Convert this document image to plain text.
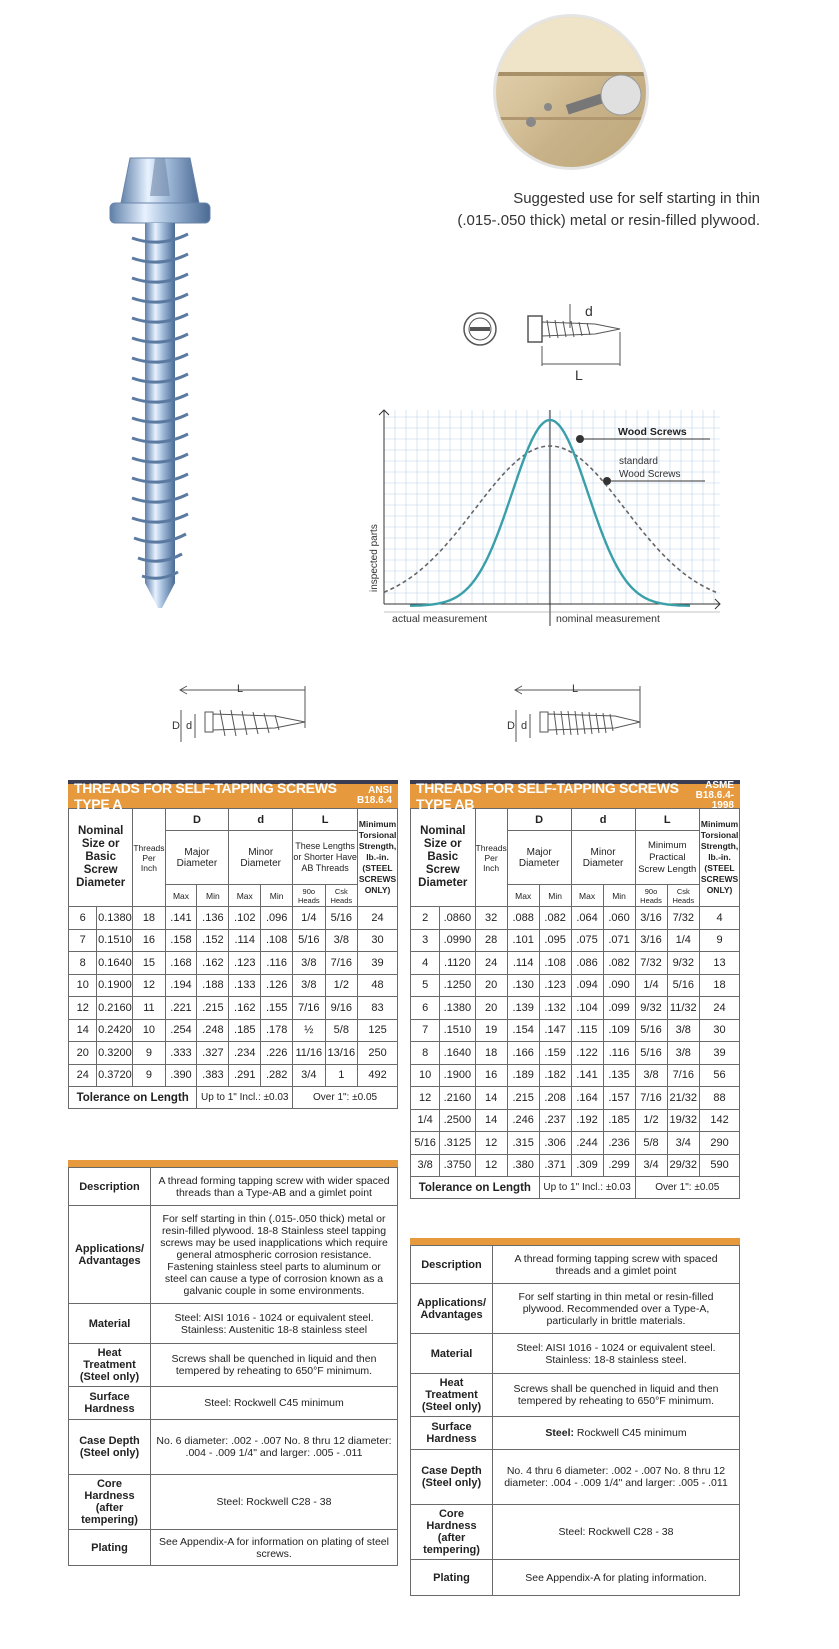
Suggested use for self starting in thin
(.015-.050 thick) metal or resin-filled plywood.
d
L
Wood Screws
standard
Wood Screws
inspected parts
actual measurement	nominal measurement
L
D d
L
D d
THREADS FOR SELF-TAPPING SCREWS TYPE A
ANSI B18.6.4
Nominal Size or Basic Screw Diameter		Threads Per Inch	D		d		L		Minimum Torsional Strength, lb.-in. (STEEL SCREWS ONLY)
			Major Diameter		Minor Diameter		These Lengths or Shorter Have AB Threads		
			Max	Min	Max	Min	90o Heads	Csk Heads	
6	0.1380	18	.141	.136	.102	.096	1/4	5/16	24
7	0.1510	16	.158	.152	.114	.108	5/16	3/8	30
8	0.1640	15	.168	.162	.123	.116	3/8	7/16	39
10	0.1900	12	.194	.188	.133	.126	3/8	1/2	48
12	0.2160	11	.221	.215	.162	.155	7/16	9/16	83
14	0.2420	10	.254	.248	.185	.178	½	5/8	125
20	0.3200	9	.333	.327	.234	.226	11/16	13/16	250
24	0.3720	9	.390	.383	.291	.282	3/4	1	492
Tolerance on Length				Up to 1" Incl.: ±0.03			Over 1": ±0.05		
THREADS FOR SELF-TAPPING SCREWS TYPE AB
ASME
B18.6.4-1998
Nominal Size or Basic Screw Diameter		Threads Per Inch	D		d		L		Minimum Torsional Strength, lb.-in. (STEEL SCREWS ONLY)
			Major Diameter		Minor Diameter		Minimum Practical Screw Length		
			Max	Min	Max	Min	90o Heads	Csk Heads	
2	.0860	32	.088	.082	.064	.060	3/16	7/32	4
3	.0990	28	.101	.095	.075	.071	3/16	1/4	9
4	.1120	24	.114	.108	.086	.082	7/32	9/32	13
5	.1250	20	.130	.123	.094	.090	1/4	5/16	18
6	.1380	20	.139	.132	.104	.099	9/32	11/32	24
7	.1510	19	.154	.147	.115	.109	5/16	3/8	30
8	.1640	18	.166	.159	.122	.116	5/16	3/8	39
10	.1900	16	.189	.182	.141	.135	3/8	7/16	56
12	.2160	14	.215	.208	.164	.157	7/16	21/32	88
1/4	.2500	14	.246	.237	.192	.185	1/2	19/32	142
5/16	.3125	12	.315	.306	.244	.236	5/8	3/4	290
3/8	.3750	12	.380	.371	.309	.299	3/4	29/32	590
Tolerance on Length				Up to 1" Incl.: ±0.03			Over 1": ±0.05		
Description	A thread forming tapping screw with wider spaced threads than a Type-AB and a gimlet point
Applications/ Advantages	For self starting in thin (.015-.050 thick) metal or resin-filled plywood. 18-8 Stainless steel tapping screws may be used inapplications which require general atmospheric corrosion resistance. Fastening stainless steel parts to aluminum or steel can cause a type of corrosion known as a galvanic couple in some environments.
Material	Steel: AISI 1016 - 1024 or equivalent steel. Stainless: Austenitic 18-8 stainless steel
Heat Treatment (Steel only)	Screws shall be quenched in liquid and then tempered by reheating to 650°F minimum.
Surface Hardness	Steel: Rockwell C45 minimum
Case Depth (Steel only)	No. 6 diameter: .002 - .007 No. 8 thru 12 diameter: .004 - .009 1/4" and larger: .005 - .011
Core Hardness (after tempering)	Steel: Rockwell C28 - 38
Plating	See Appendix-A for information on plating of steel screws.
Description	A thread forming tapping screw with spaced threads and a gimlet point
Applications/ Advantages	For self starting in thin metal or resin-filled plywood. Recommended over a Type-A, particularly in brittle materials.
Material	Steel: AISI 1016 - 1024 or equivalent steel. Stainless: 18-8 stainless steel.
Heat Treatment (Steel only)	Screws shall be quenched in liquid and then tempered by reheating to 650°F minimum.
Surface Hardness	Steel: Rockwell C45 minimum
Case Depth (Steel only)	No. 4 thru 6 diameter: .002 - .007 No. 8 thru 12 diameter: .004 - .009 1/4" and larger: .005 - .011
Core Hardness (after tempering)	Steel: Rockwell C28 - 38
Plating	See Appendix-A for plating information.
